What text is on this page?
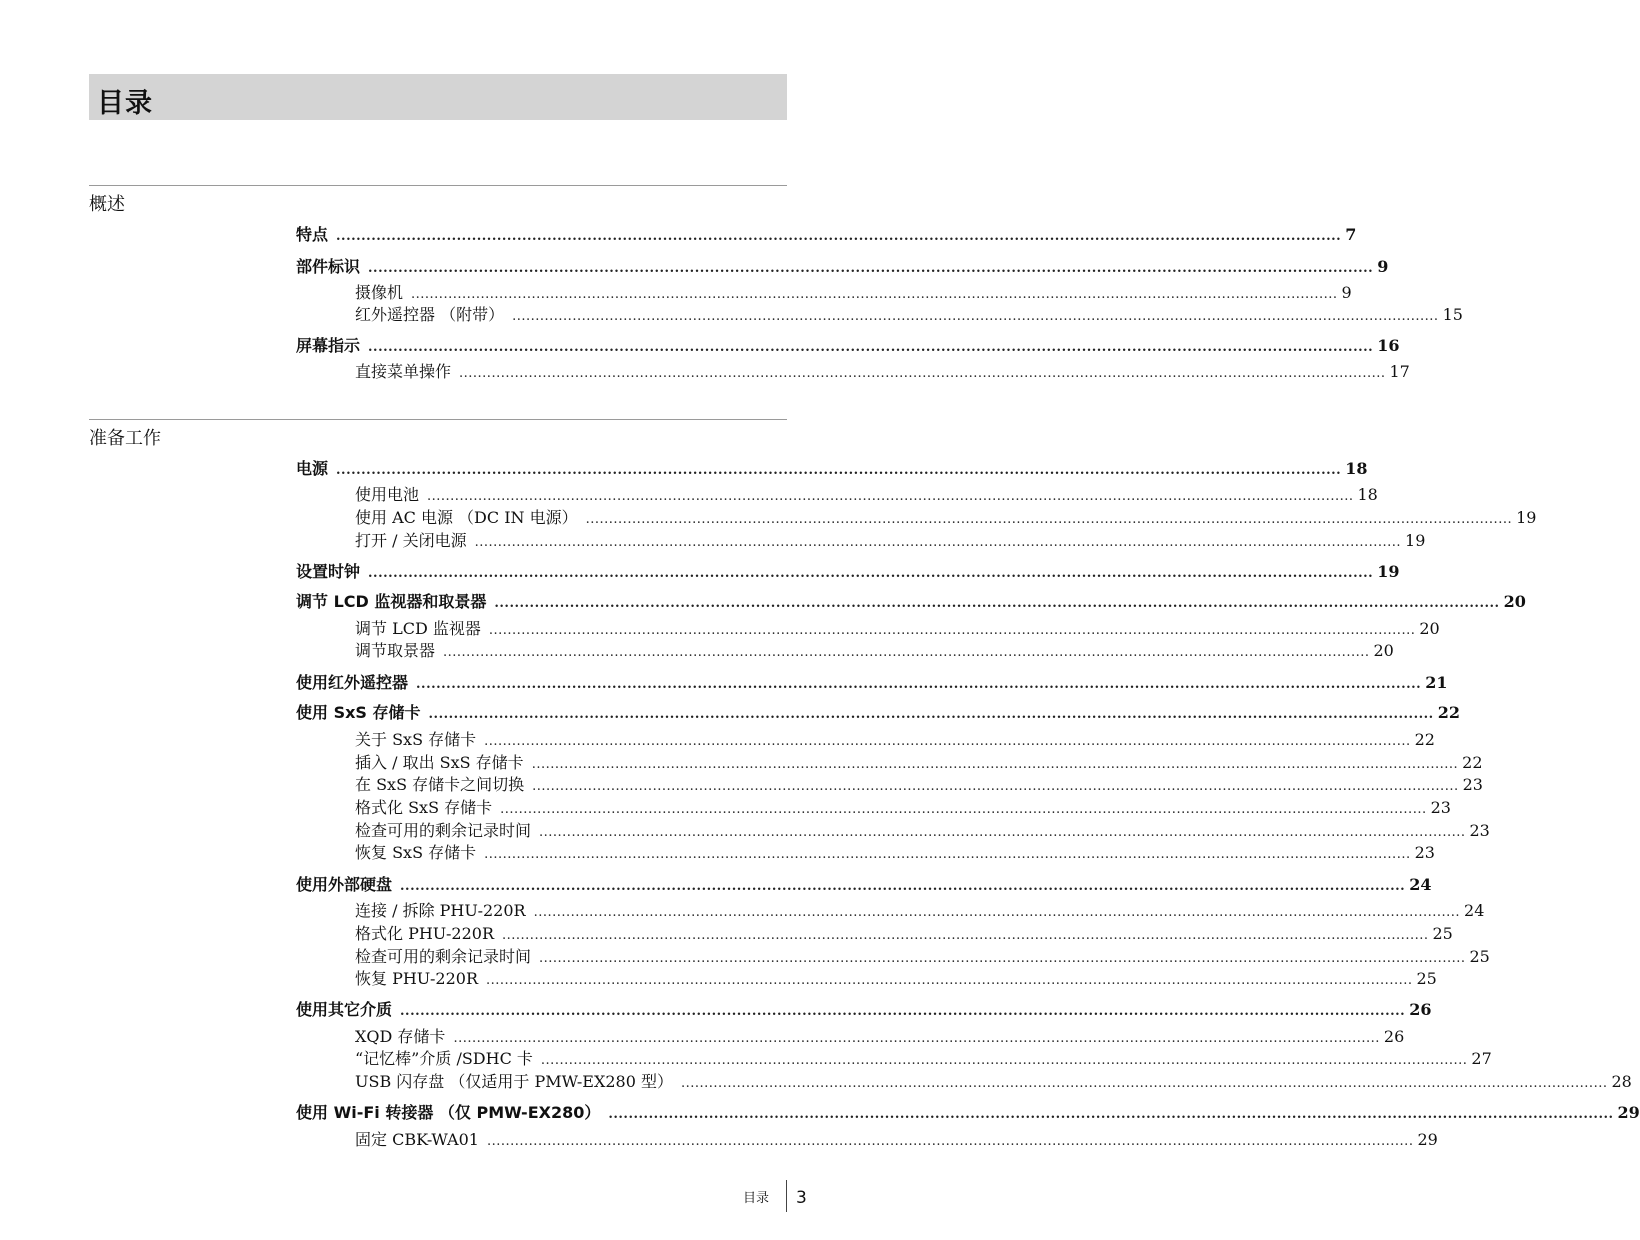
目录
概述
特点 ........................................................................................................................................................................................................ 7
部件标识 ........................................................................................................................................................................................................ 9
摄像机 ........................................................................................................................................................................................................ 9
红外遥控器 （附带） ........................................................................................................................................................................................................ 15
屏幕指示 ........................................................................................................................................................................................................ 16
直接菜单操作 ........................................................................................................................................................................................................ 17
准备工作
电源 ........................................................................................................................................................................................................ 18
使用电池 ........................................................................................................................................................................................................ 18
使用 AC 电源 （DC IN 电源） ........................................................................................................................................................................................................ 19
打开 / 关闭电源 ........................................................................................................................................................................................................ 19
设置时钟 ........................................................................................................................................................................................................ 19
调节 LCD 监视器和取景器 ........................................................................................................................................................................................................ 20
调节 LCD 监视器 ........................................................................................................................................................................................................ 20
调节取景器 ........................................................................................................................................................................................................ 20
使用红外遥控器 ........................................................................................................................................................................................................ 21
使用 SxS 存储卡 ........................................................................................................................................................................................................ 22
关于 SxS 存储卡 ........................................................................................................................................................................................................ 22
插入 / 取出 SxS 存储卡 ........................................................................................................................................................................................................ 22
在 SxS 存储卡之间切换 ........................................................................................................................................................................................................ 23
格式化 SxS 存储卡 ........................................................................................................................................................................................................ 23
检查可用的剩余记录时间 ........................................................................................................................................................................................................ 23
恢复 SxS 存储卡 ........................................................................................................................................................................................................ 23
使用外部硬盘 ........................................................................................................................................................................................................ 24
连接 / 拆除 PHU-220R ........................................................................................................................................................................................................ 24
格式化 PHU-220R ........................................................................................................................................................................................................ 25
检查可用的剩余记录时间 ........................................................................................................................................................................................................ 25
恢复 PHU-220R ........................................................................................................................................................................................................ 25
使用其它介质 ........................................................................................................................................................................................................ 26
XQD 存储卡 ........................................................................................................................................................................................................ 26
“记忆棒”介质 /SDHC 卡 ........................................................................................................................................................................................................ 27
USB 闪存盘 （仅适用于 PMW-EX280 型） ........................................................................................................................................................................................................ 28
使用 Wi-Fi 转接器 （仅 PMW-EX280） ........................................................................................................................................................................................................ 29
固定 CBK-WA01 ........................................................................................................................................................................................................ 29
目录 3
